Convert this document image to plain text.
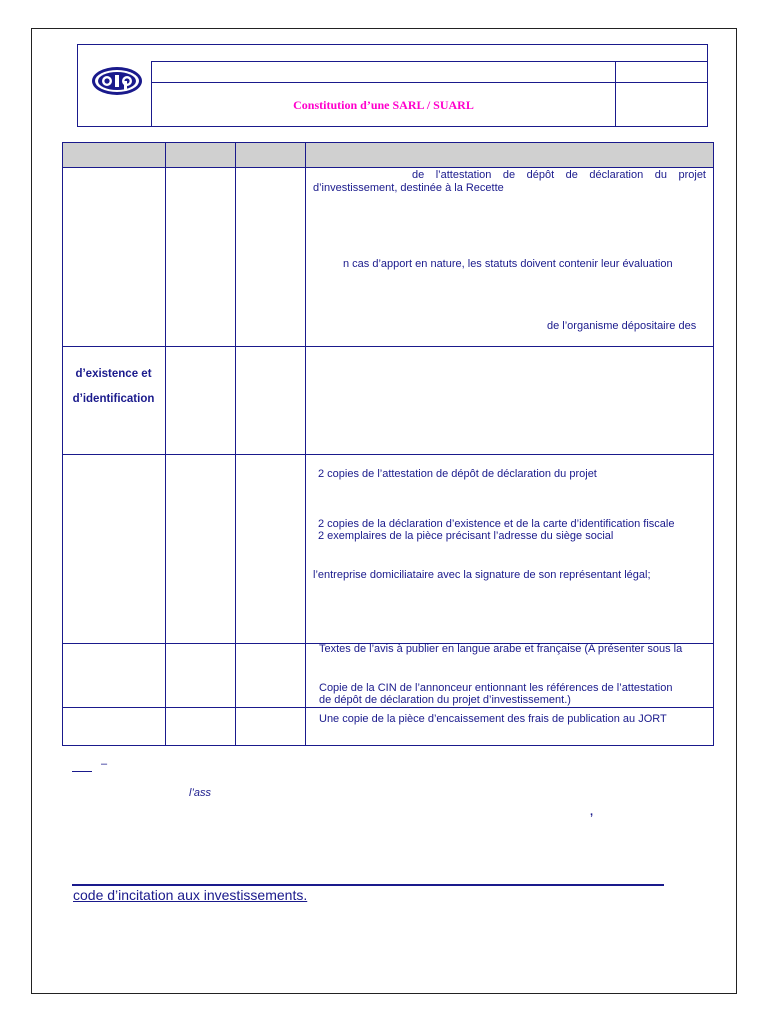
Constitution d’une SARL / SUARL
de l’attestation de dépôt de déclaration du projet
d’investissement, destinée à la Recette
n cas d’apport en nature, les statuts doivent contenir leur évaluation
de l’organisme dépositaire des
d’existence et
d’identification
2 copies de l’attestation de dépôt de déclaration du projet
2 copies de la déclaration d’existence et de la carte d’identification fiscale
2 exemplaires de la pièce précisant l’adresse du siège social
l’entreprise domiciliataire avec la signature de son représentant légal;
Textes de l’avis à publier en langue arabe et française (A présenter sous la
Copie de la CIN de l’annonceur entionnant les références de l’attestation
de dépôt de déclaration du projet d’investissement.)
Une copie de la pièce d’encaissement des frais de publication au JORT
–
l’ass
,
code d’incitation aux investissements.
